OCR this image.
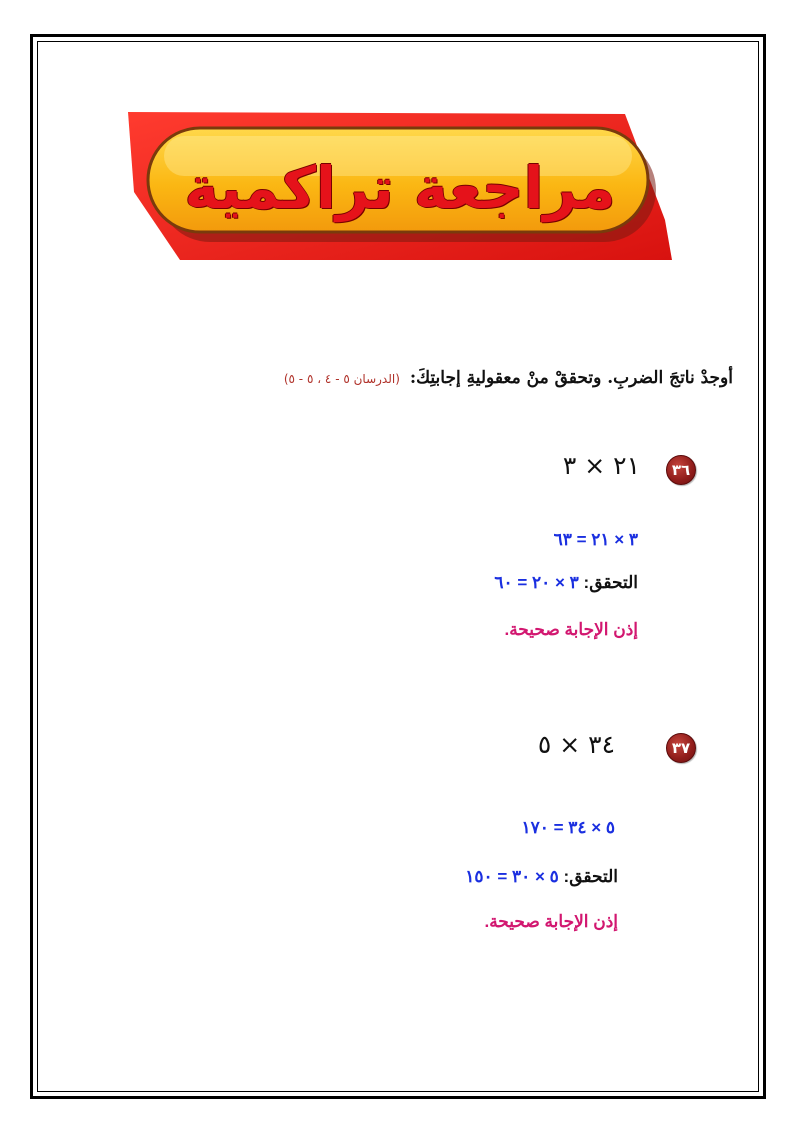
مراجعة تراكمية
أوجدْ ناتجَ الضربِ. وتحققْ منْ معقوليةِ إجابتِكَ: (الدرسان ٥ - ٤ ، ٥ - ٥)
٣٦
٢١ × ٣
٣ × ٢١ = ٦٣
التحقق: ٣ × ٢٠ = ٦٠
إذن الإجابة صحيحة.
٣٧
٣٤ × ٥
٥ × ٣٤ = ١٧٠
التحقق: ٥ × ٣٠ = ١٥٠
إذن الإجابة صحيحة.
